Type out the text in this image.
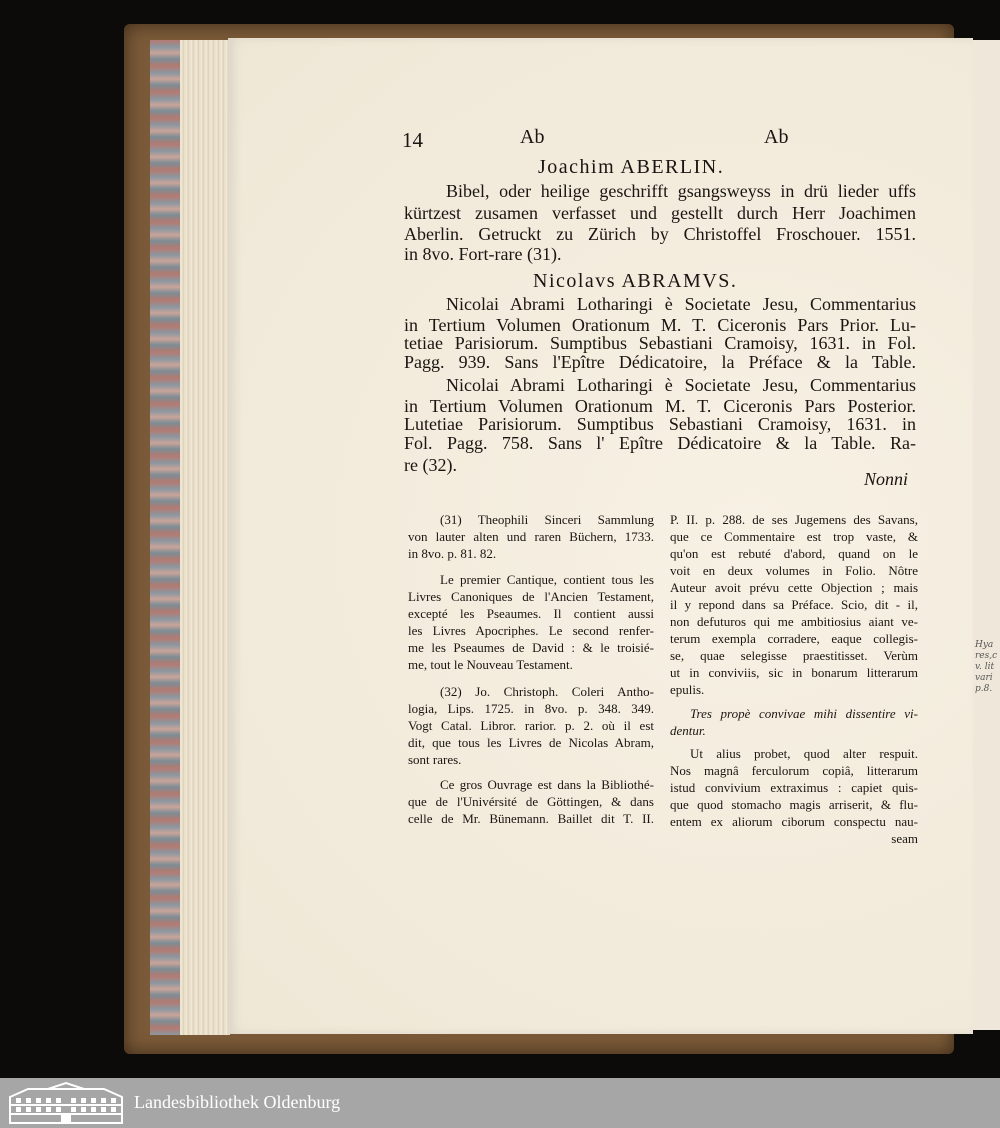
Hya
res,c
v. lit
vari
p.8.
14	Ab	Ab
Joachim ABERLIN.
Bibel, oder heilige geschrifft gsangsweyss in drü lieder uffs
kürtzest zusamen verfasset und gestellt durch Herr Joachimen
Aberlin. Getruckt zu Zürich by Christoffel Froschouer. 1551.
in 8vo. Fort-rare (31).
Nicolavs ABRAMVS.
Nicolai Abrami Lotharingi è Societate Jesu, Commentarius
in Tertium Volumen Orationum M. T. Ciceronis Pars Prior. Lu-
tetiae Parisiorum. Sumptibus Sebastiani Cramoisy, 1631. in Fol.
Pagg. 939. Sans l'Epître Dédicatoire, la Préface & la Table.
Nicolai Abrami Lotharingi è Societate Jesu, Commentarius
in Tertium Volumen Orationum M. T. Ciceronis Pars Posterior.
Lutetiae Parisiorum. Sumptibus Sebastiani Cramoisy, 1631. in
Fol. Pagg. 758. Sans l' Epître Dédicatoire & la Table. Ra-
re (32).
Nonni
(31) Theophili Sinceri Sammlung
von lauter alten und raren Büchern, 1733.
in 8vo. p. 81. 82.
Le premier Cantique, contient tous les
Livres Canoniques de l'Ancien Testament,
excepté les Pseaumes. Il contient aussi
les Livres Apocriphes. Le second renfer-
me les Pseaumes de David : & le troisié-
me, tout le Nouveau Testament.
(32) Jo. Christoph. Coleri Antho-
logia, Lips. 1725. in 8vo. p. 348. 349.
Vogt Catal. Libror. rarior. p. 2. où il est
dit, que tous les Livres de Nicolas Abram,
sont rares.
Ce gros Ouvrage est dans la Bibliothé-
que de l'Univérsité de Göttingen, & dans
celle de Mr. Bünemann. Baillet dit T. II.
P. II. p. 288. de ses Jugemens des Savans,
que ce Commentaire est trop vaste, &
qu'on est rebuté d'abord, quand on le
voit en deux volumes in Folio. Nôtre
Auteur avoit prévu cette Objection ; mais
il y repond dans sa Préface. Scio, dit - il,
non defuturos qui me ambitiosius aiant ve-
terum exempla corradere, eaque collegis-
se, quae selegisse praestitisset. Verùm
ut in conviviis, sic in bonarum litterarum
epulis.
Tres propè convivae mihi dissentire vi-
dentur.
Ut alius probet, quod alter respuit.
Nos magnâ ferculorum copiâ, litterarum
istud convivium extraximus : capiet quis-
que quod stomacho magis arriserit, & flu-
entem ex aliorum ciborum conspectu nau-
seam
Landesbibliothek Oldenburg
